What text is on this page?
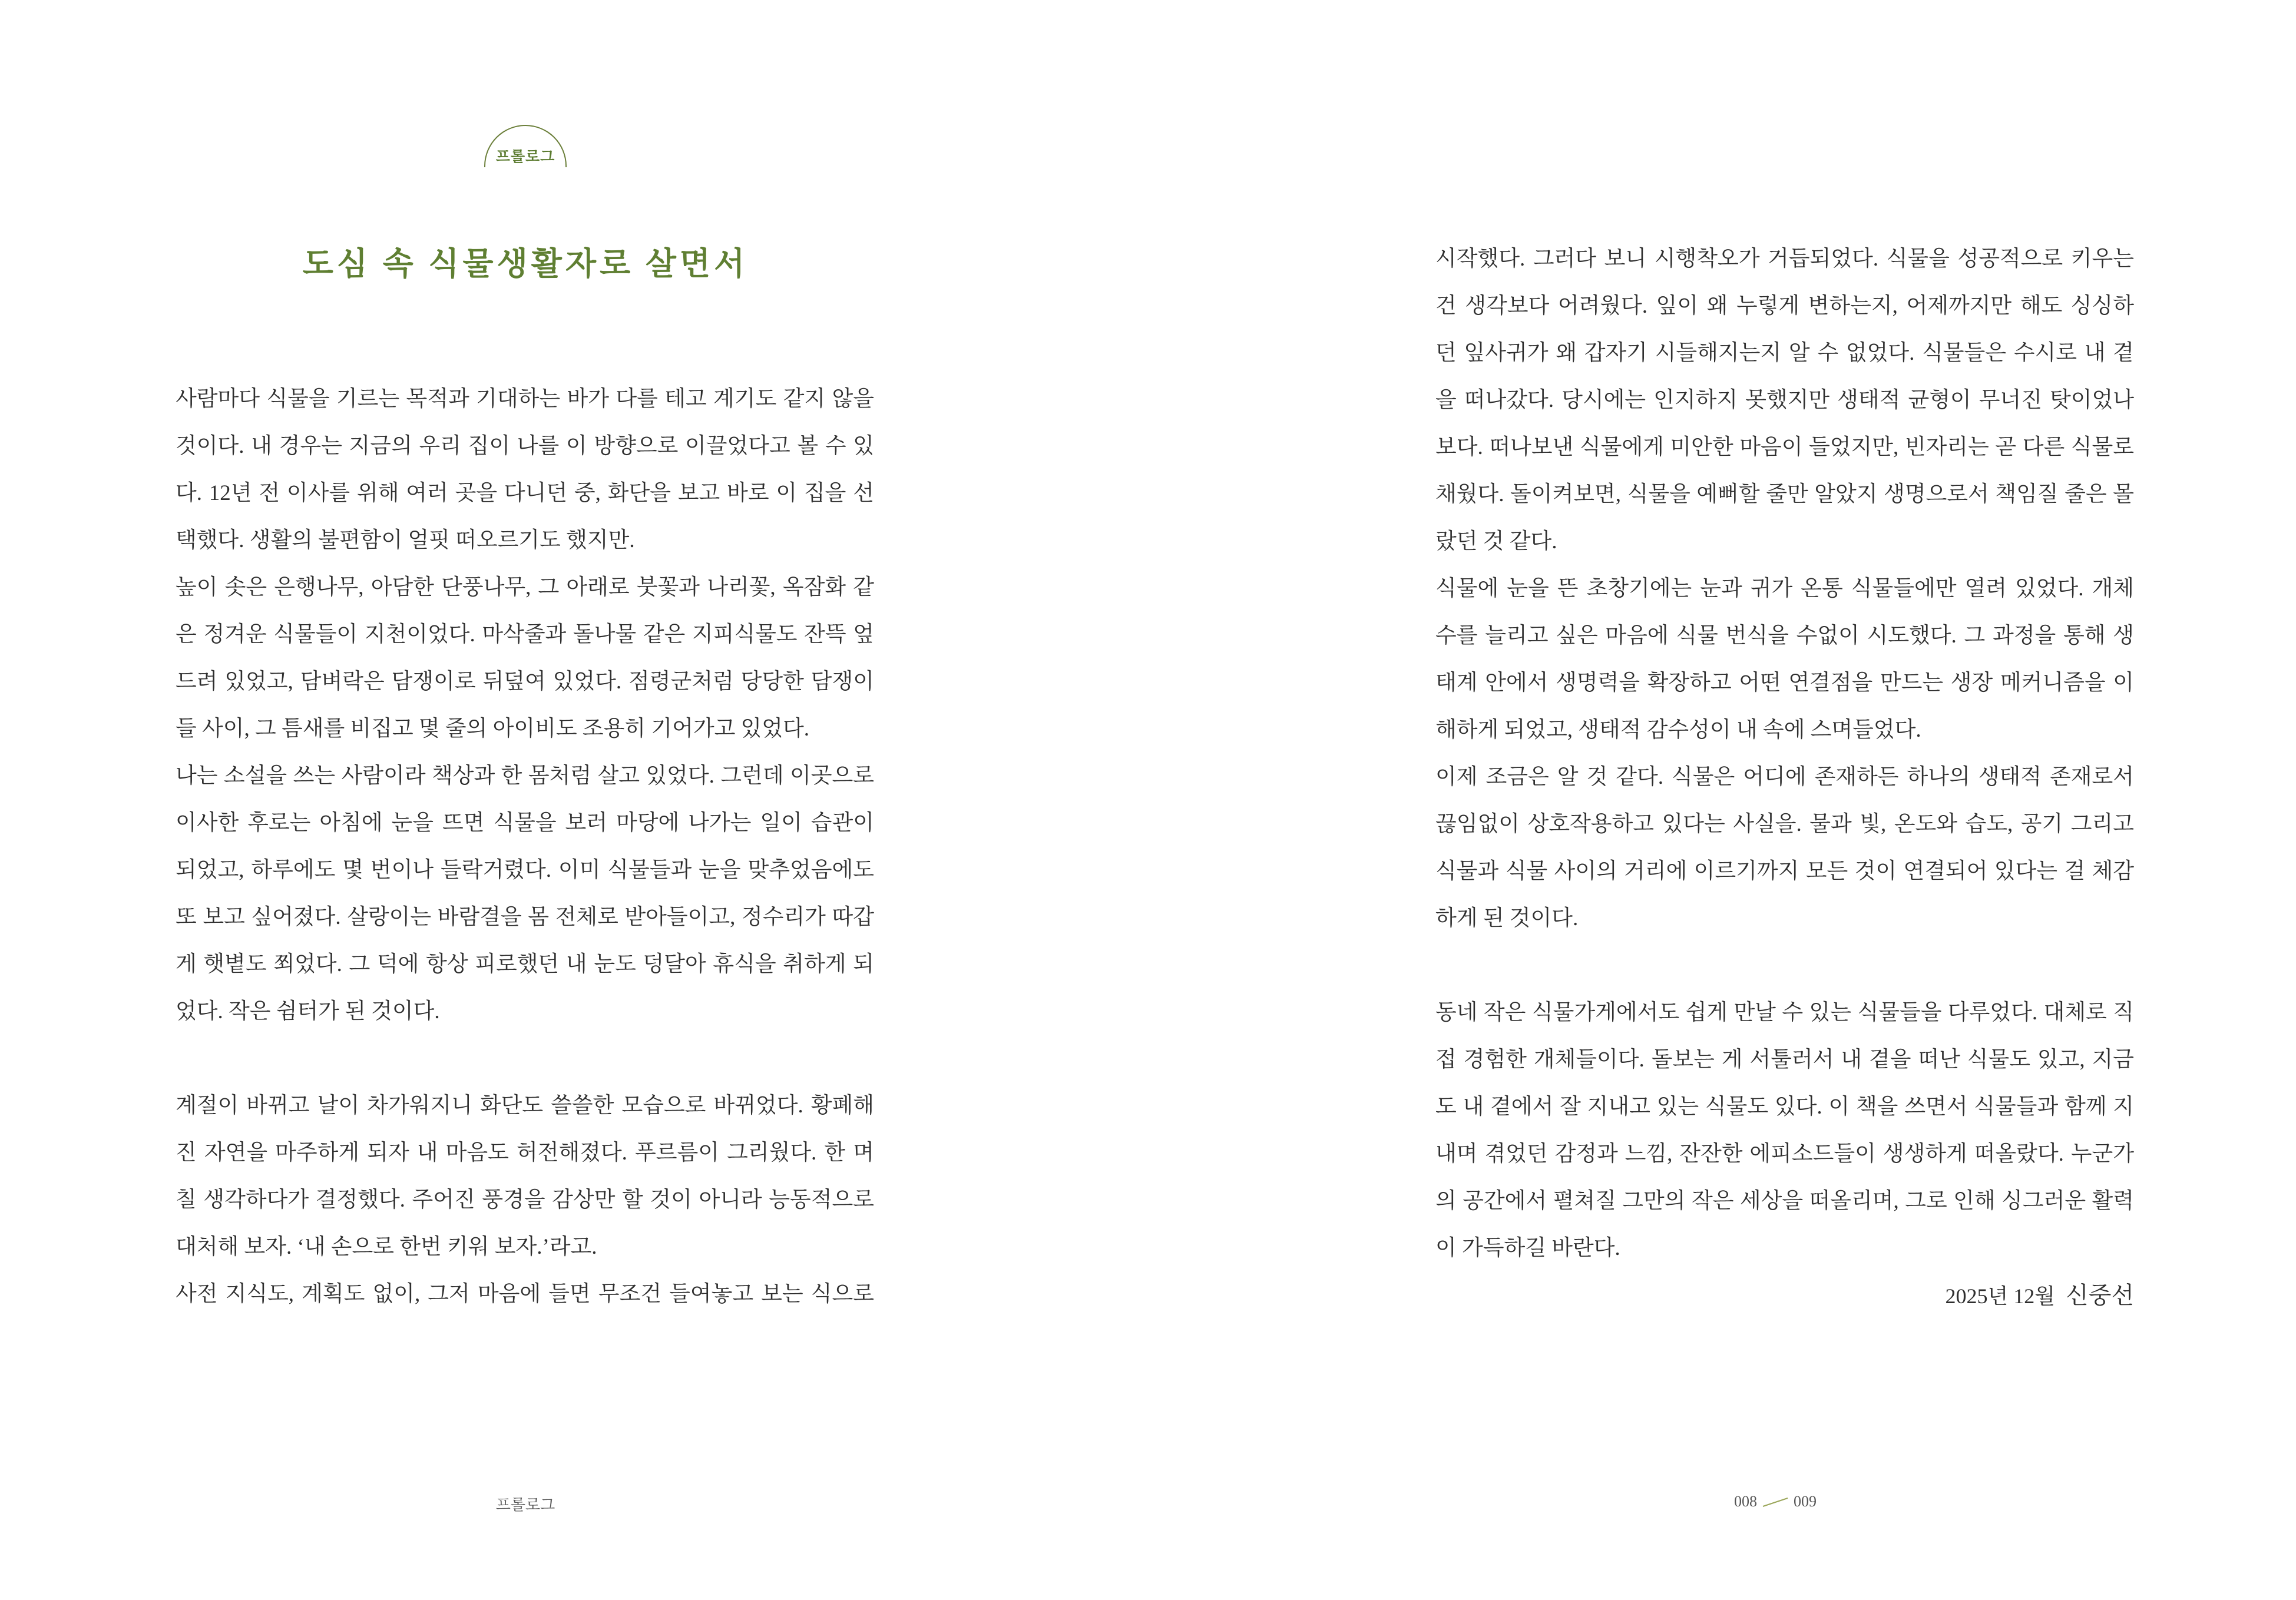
프롤로그
도심 속 식물생활자로 살면서
사람마다 식물을 기르는 목적과 기대하는 바가 다를 테고 계기도 같지 않을
것이다. 내 경우는 지금의 우리 집이 나를 이 방향으로 이끌었다고 볼 수 있
다. 12년 전 이사를 위해 여러 곳을 다니던 중, 화단을 보고 바로 이 집을 선
택했다. 생활의 불편함이 얼핏 떠오르기도 했지만.
높이 솟은 은행나무, 아담한 단풍나무, 그 아래로 붓꽃과 나리꽃, 옥잠화 같
은 정겨운 식물들이 지천이었다. 마삭줄과 돌나물 같은 지피식물도 잔뜩 엎
드려 있었고, 담벼락은 담쟁이로 뒤덮여 있었다. 점령군처럼 당당한 담쟁이
들 사이, 그 틈새를 비집고 몇 줄의 아이비도 조용히 기어가고 있었다.
나는 소설을 쓰는 사람이라 책상과 한 몸처럼 살고 있었다. 그런데 이곳으로
이사한 후로는 아침에 눈을 뜨면 식물을 보러 마당에 나가는 일이 습관이
되었고, 하루에도 몇 번이나 들락거렸다. 이미 식물들과 눈을 맞추었음에도
또 보고 싶어졌다. 살랑이는 바람결을 몸 전체로 받아들이고, 정수리가 따갑
게 햇볕도 쬐었다. 그 덕에 항상 피로했던 내 눈도 덩달아 휴식을 취하게 되
었다. 작은 쉼터가 된 것이다.
계절이 바뀌고 날이 차가워지니 화단도 쓸쓸한 모습으로 바뀌었다. 황폐해
진 자연을 마주하게 되자 내 마음도 허전해졌다. 푸르름이 그리웠다. 한 며
칠 생각하다가 결정했다. 주어진 풍경을 감상만 할 것이 아니라 능동적으로
대처해 보자. ‘내 손으로 한번 키워 보자.’라고.
사전 지식도, 계획도 없이, 그저 마음에 들면 무조건 들여놓고 보는 식으로
프롤로그
시작했다. 그러다 보니 시행착오가 거듭되었다. 식물을 성공적으로 키우는
건 생각보다 어려웠다. 잎이 왜 누렇게 변하는지, 어제까지만 해도 싱싱하
던 잎사귀가 왜 갑자기 시들해지는지 알 수 없었다. 식물들은 수시로 내 곁
을 떠나갔다. 당시에는 인지하지 못했지만 생태적 균형이 무너진 탓이었나
보다. 떠나보낸 식물에게 미안한 마음이 들었지만, 빈자리는 곧 다른 식물로
채웠다. 돌이켜보면, 식물을 예뻐할 줄만 알았지 생명으로서 책임질 줄은 몰
랐던 것 같다.
식물에 눈을 뜬 초창기에는 눈과 귀가 온통 식물들에만 열려 있었다. 개체
수를 늘리고 싶은 마음에 식물 번식을 수없이 시도했다. 그 과정을 통해 생
태계 안에서 생명력을 확장하고 어떤 연결점을 만드는 생장 메커니즘을 이
해하게 되었고, 생태적 감수성이 내 속에 스며들었다.
이제 조금은 알 것 같다. 식물은 어디에 존재하든 하나의 생태적 존재로서
끊임없이 상호작용하고 있다는 사실을. 물과 빛, 온도와 습도, 공기 그리고
식물과 식물 사이의 거리에 이르기까지 모든 것이 연결되어 있다는 걸 체감
하게 된 것이다.
동네 작은 식물가게에서도 쉽게 만날 수 있는 식물들을 다루었다. 대체로 직
접 경험한 개체들이다. 돌보는 게 서툴러서 내 곁을 떠난 식물도 있고, 지금
도 내 곁에서 잘 지내고 있는 식물도 있다. 이 책을 쓰면서 식물들과 함께 지
내며 겪었던 감정과 느낌, 잔잔한 에피소드들이 생생하게 떠올랐다. 누군가
의 공간에서 펼쳐질 그만의 작은 세상을 떠올리며, 그로 인해 싱그러운 활력
이 가득하길 바란다.
2025년 12월 신중선
008 009
